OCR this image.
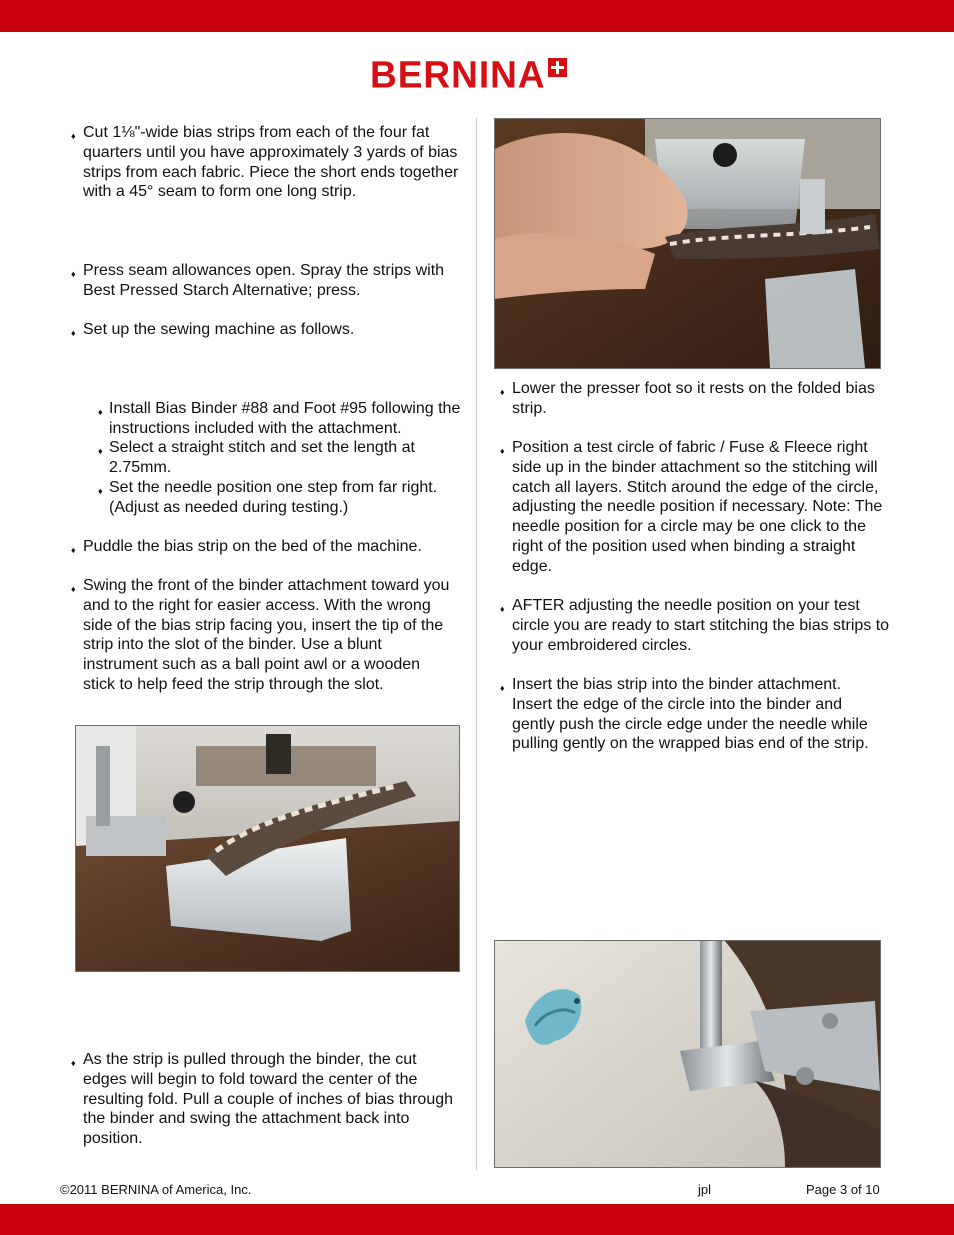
BERNINA
♦ Cut 1⅛"-wide bias strips from each of the four fat quarters until you have approximately 3 yards of bias strips from each fabric. Piece the short ends together with a 45° seam to form one long strip.
♦ Press seam allowances open. Spray the strips with Best Pressed Starch Alternative; press.
♦ Set up the sewing machine as follows.
♦ Install Bias Binder #88 and Foot #95 following the instructions included with the attachment.
♦ Select a straight stitch and set the length at 2.75mm.
♦ Set the needle position one step from far right. (Adjust as needed during testing.)
♦ Puddle the bias strip on the bed of the machine.
♦ Swing the front of the binder attachment toward you and to the right for easier access. With the wrong side of the bias strip facing you, insert the tip of the strip into the slot of the binder. Use a blunt instrument such as a ball point awl or a wooden stick to help feed the strip through the slot.
♦ As the strip is pulled through the binder, the cut edges will begin to fold toward the center of the resulting fold. Pull a couple of inches of bias through the binder and swing the attachment back into position.
♦ Lower the presser foot so it rests on the folded bias strip.
♦ Position a test circle of fabric / Fuse & Fleece right side up in the binder attachment so the stitching will catch all layers. Stitch around the edge of the circle, adjusting the needle position if necessary. Note: The needle position for a circle may be one click to the right of the position used when binding a straight edge.
♦ AFTER adjusting the needle position on your test circle you are ready to start stitching the bias strips to your embroidered circles.
♦ Insert the bias strip into the binder attachment. Insert the edge of the circle into the binder and gently push the circle edge under the needle while pulling gently on the wrapped bias end of the strip.
©2011 BERNINA of America, Inc.	jpl	Page 3 of 10
